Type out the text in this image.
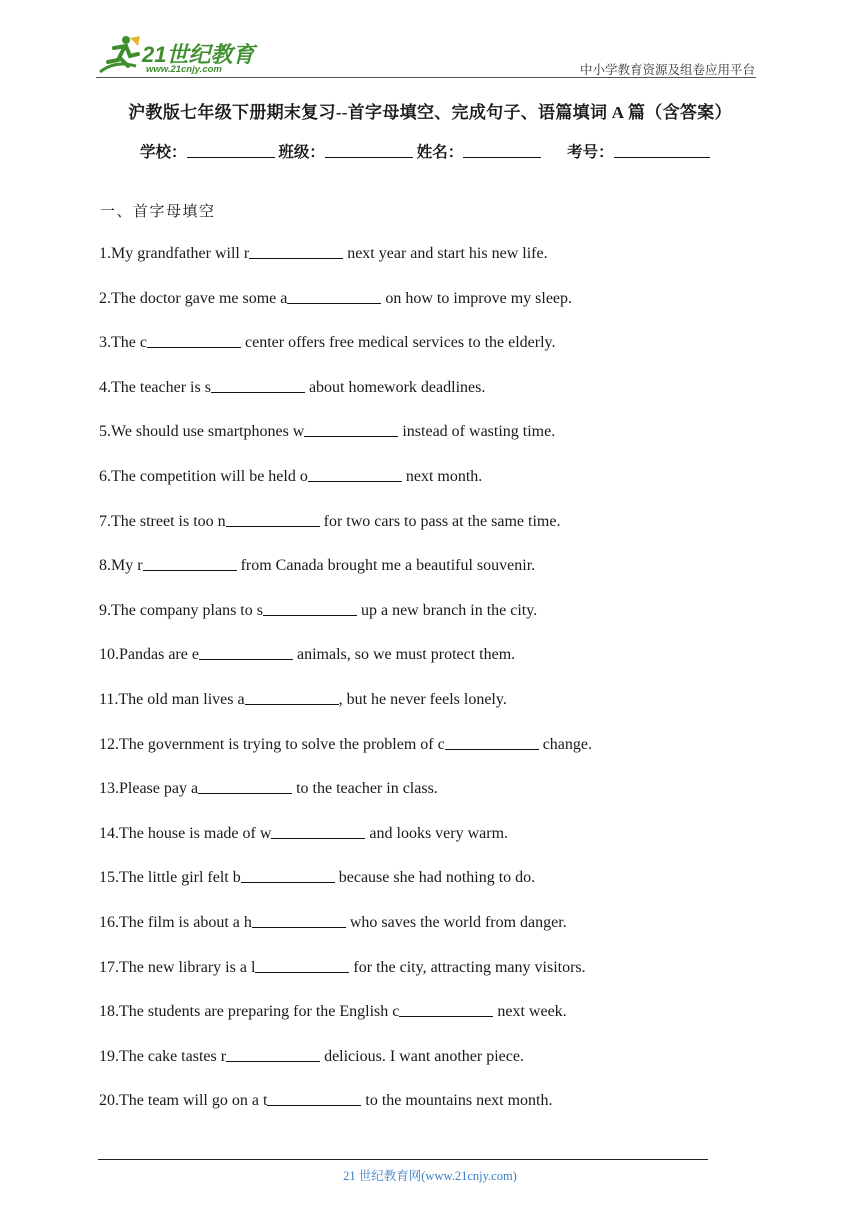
21世纪教育
www.21cnjy.com	中小学教育资源及组卷应用平台
沪教版七年级下册期末复习--首字母填空、完成句子、语篇填词 A 篇（含答案）
学校：	班级：	姓名：	考号：
一、首字母填空
1.My grandfather will r	next year and start his new life.
2.The doctor gave me some a	on how to improve my sleep.
3.The c	center offers free medical services to the elderly.
4.The teacher is s	about homework deadlines.
5.We should use smartphones w	instead of wasting time.
6.The competition will be held o	next month.
7.The street is too n	for two cars to pass at the same time.
8.My r	from Canada brought me a beautiful souvenir.
9.The company plans to s	up a new branch in the city.
10.Pandas are e	animals, so we must protect them.
11.The old man lives a	, but he never feels lonely.
12.The government is trying to solve the problem of c	change.
13.Please pay a	to the teacher in class.
14.The house is made of w	and looks very warm.
15.The little girl felt b	because she had nothing to do.
16.The film is about a h	who saves the world from danger.
17.The new library is a l	for the city, attracting many visitors.
18.The students are preparing for the English c	next week.
19.The cake tastes r	delicious. I want another piece.
20.The team will go on a t	to the mountains next month.
21 世纪教育网(www.21cnjy.com)
